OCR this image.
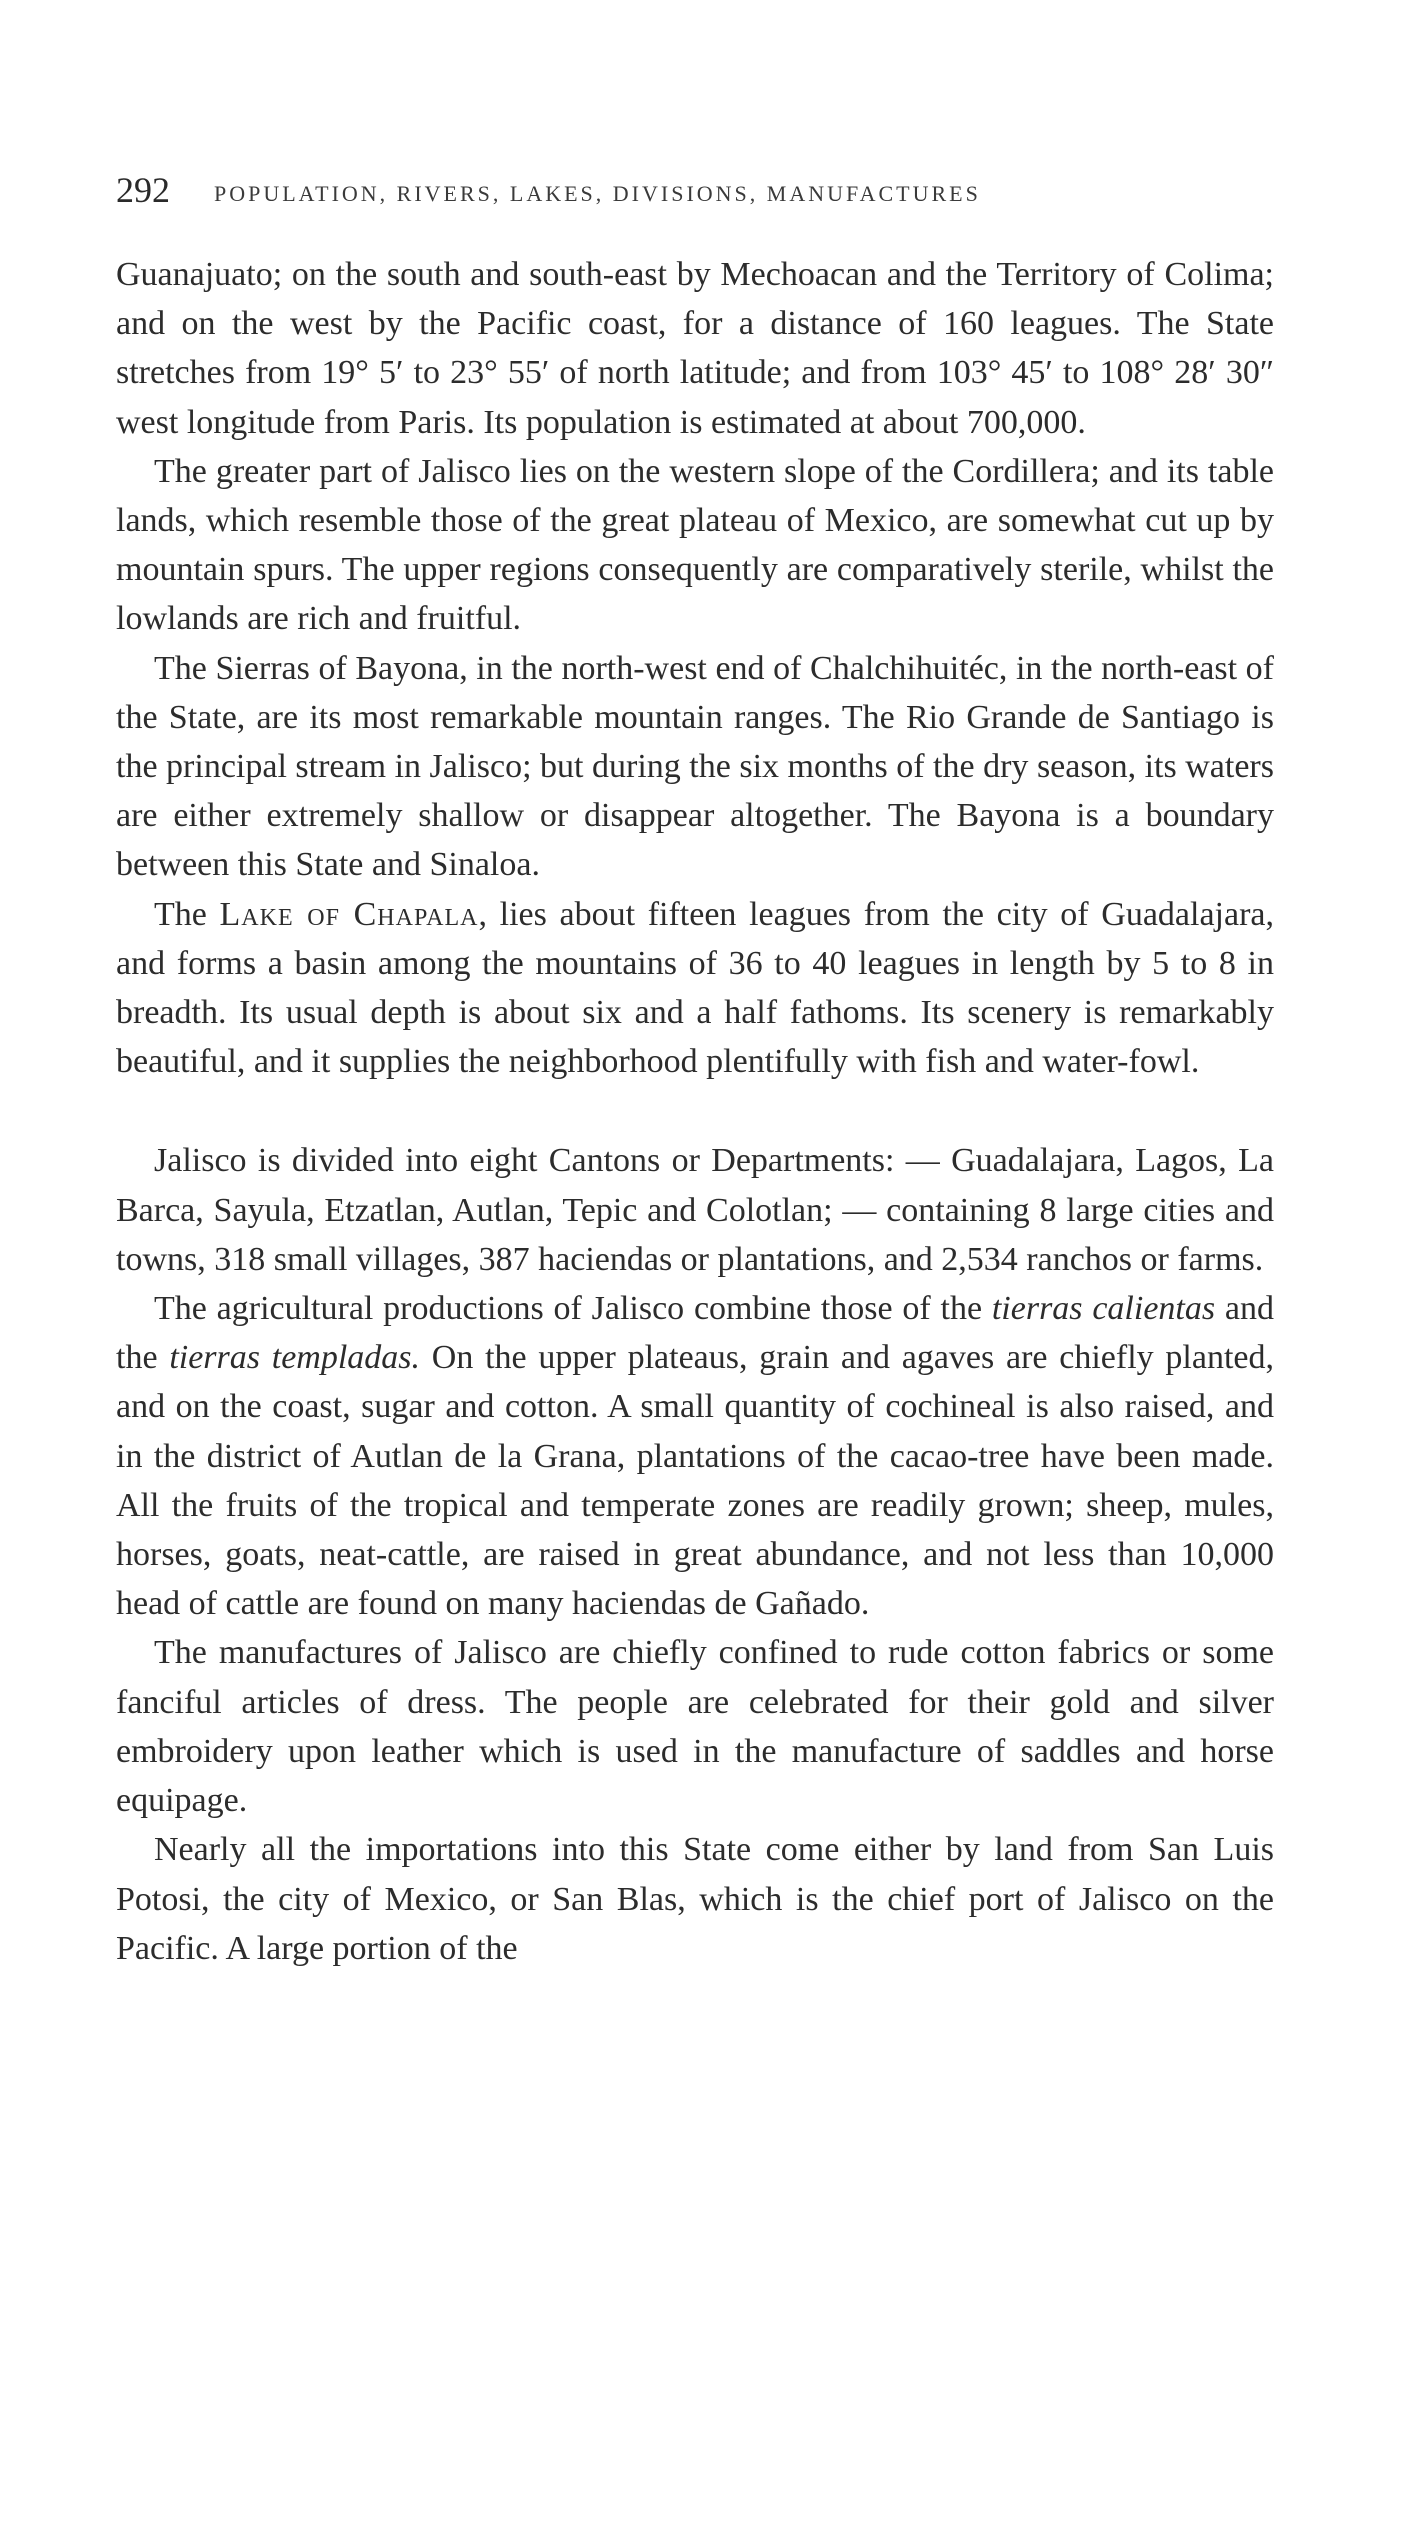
292 POPULATION, RIVERS, LAKES, DIVISIONS, MANUFACTURES

Guanajuato; on the south and south-east by Mechoacan and the Territory of Colima; and on the west by the Pacific coast, for a distance of 160 leagues. The State stretches from 19° 5′ to 23° 55′ of north latitude; and from 103° 45′ to 108° 28′ 30″ west longitude from Paris. Its population is estimated at about 700,000.

The greater part of Jalisco lies on the western slope of the Cordillera; and its table lands, which resemble those of the great plateau of Mexico, are somewhat cut up by mountain spurs. The upper regions consequently are comparatively sterile, whilst the lowlands are rich and fruitful.

The Sierras of Bayona, in the north-west end of Chalchihuitéc, in the north-east of the State, are its most remarkable mountain ranges. The Rio Grande de Santiago is the principal stream in Jalisco; but during the six months of the dry season, its waters are either extremely shallow or disappear altogether. The Bayona is a boundary between this State and Sinaloa.

The Lake of Chapala, lies about fifteen leagues from the city of Guadalajara, and forms a basin among the mountains of 36 to 40 leagues in length by 5 to 8 in breadth. Its usual depth is about six and a half fathoms. Its scenery is remarkably beautiful, and it supplies the neighborhood plentifully with fish and water-fowl.

Jalisco is divided into eight Cantons or Departments: — Guadalajara, Lagos, La Barca, Sayula, Etzatlan, Autlan, Tepic and Colotlan; — containing 8 large cities and towns, 318 small villages, 387 haciendas or plantations, and 2,534 ranchos or farms.

The agricultural productions of Jalisco combine those of the tierras calientas and the tierras templadas. On the upper plateaus, grain and agaves are chiefly planted, and on the coast, sugar and cotton. A small quantity of cochineal is also raised, and in the district of Autlan de la Grana, plantations of the cacao-tree have been made. All the fruits of the tropical and temperate zones are readily grown; sheep, mules, horses, goats, neat-cattle, are raised in great abundance, and not less than 10,000 head of cattle are found on many haciendas de Gañado.

The manufactures of Jalisco are chiefly confined to rude cotton fabrics or some fanciful articles of dress. The people are celebrated for their gold and silver embroidery upon leather which is used in the manufacture of saddles and horse equipage.

Nearly all the importations into this State come either by land from San Luis Potosi, the city of Mexico, or San Blas, which is the chief port of Jalisco on the Pacific. A large portion of the
